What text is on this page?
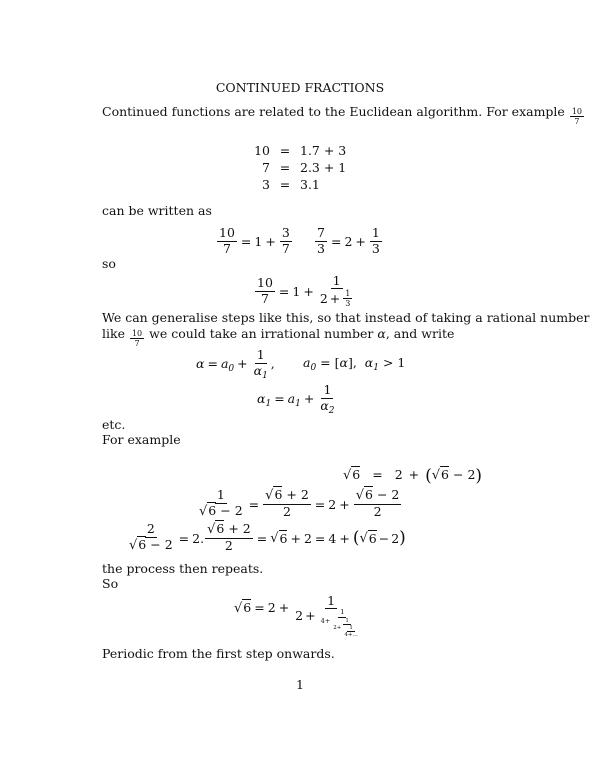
CONTINUED FRACTIONS
Continued functions are related to the Euclidean algorithm. For example $\frac{10}{7}$
10	=	1.7 + 3
7	=	2.3 + 1
3	=	3.1
can be written as
$\frac{10}{7} = 1 + \frac{3}{7} \frac{7}{3} = 2 + \frac{1}{3}$
so
$\frac{10}{7} = 1 + \frac{1}{2 + \frac{1}{3}}$
We can generalise steps like this, so that instead of taking a rational number
like $\frac{10}{7}$ we could take an irrational number α, and write
$\alpha = a_0 + \frac{1}{\alpha_1}$ , $a_0 = [\alpha]$,  $\alpha_1 > 1$
$\alpha_1 = a_1 + \frac{1}{\alpha_2}$
etc.
For example
√6 = 2 + (√6 − 2)
$\frac{1}{√6 - 2} = \frac{√6 + 2}{2} = 2 + \frac{√6 - 2}{2}$
$\frac{2}{√6 - 2} = 2$. $\frac{√6 + 2}{2}$ = √ 6 + 2 = 4 + ( √ 6 − 2 )
the process then repeats.
So
√6 = 2 +	1
2 +	1
$4 + \frac{1}{2 + \frac{1}{4+\dots}}$
Periodic from the first step onwards.
1
